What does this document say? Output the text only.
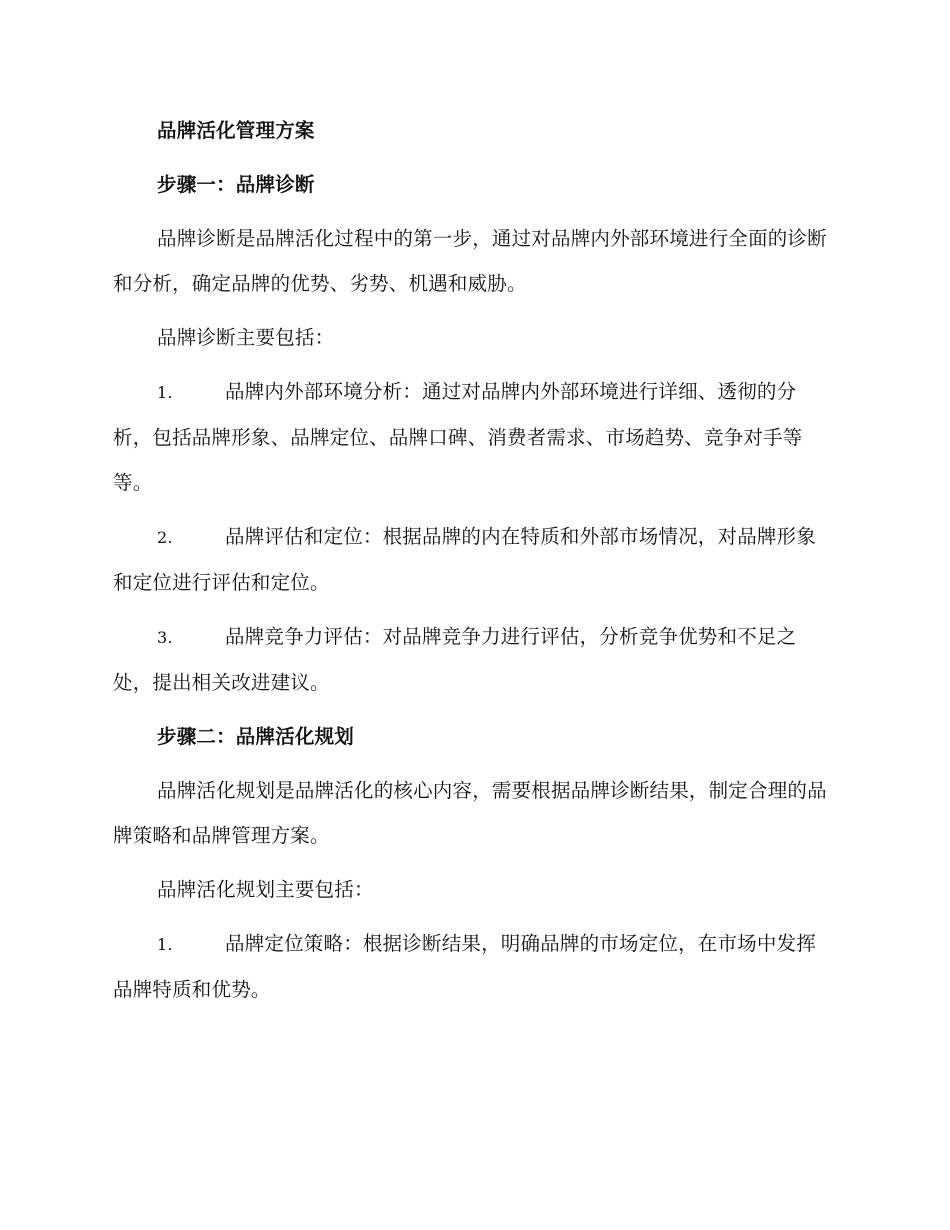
品牌活化管理方案

步骤一：品牌诊断

品牌诊断是品牌活化过程中的第一步，通过对品牌内外部环境进行全面的诊断和分析，确定品牌的优势、劣势、机遇和威胁。

品牌诊断主要包括：

1.	品牌内外部环境分析：通过对品牌内外部环境进行详细、透彻的分析，包括品牌形象、品牌定位、品牌口碑、消费者需求、市场趋势、竞争对手等等。

2.	品牌评估和定位：根据品牌的内在特质和外部市场情况，对品牌形象和定位进行评估和定位。

3.	品牌竞争力评估：对品牌竞争力进行评估，分析竞争优势和不足之处，提出相关改进建议。

步骤二：品牌活化规划

品牌活化规划是品牌活化的核心内容，需要根据品牌诊断结果，制定合理的品牌策略和品牌管理方案。

品牌活化规划主要包括：

1.	品牌定位策略：根据诊断结果，明确品牌的市场定位，在市场中发挥品牌特质和优势。
